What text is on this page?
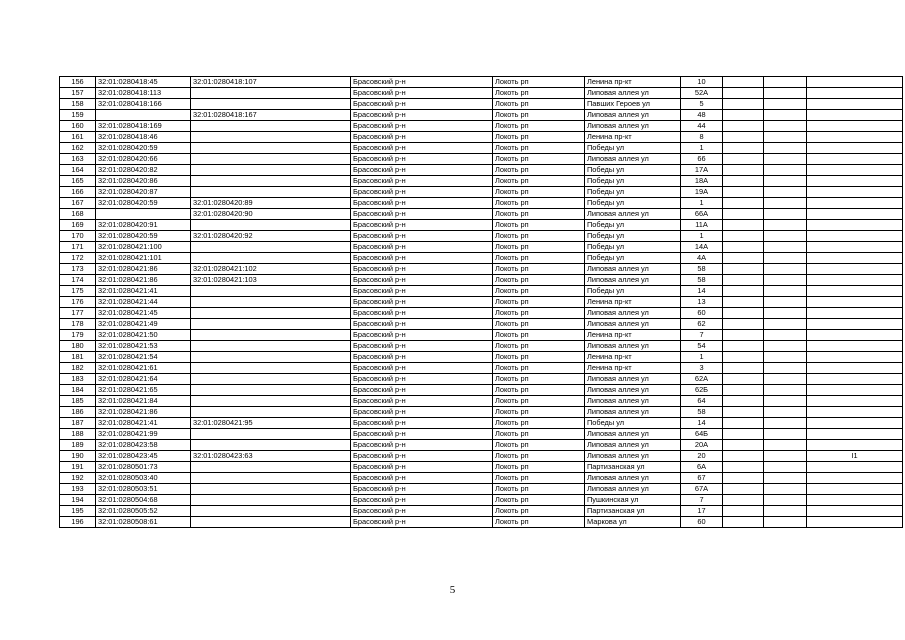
156	32:01:0280418:45	32:01:0280418:107	Брасовский р-н	Локоть рп	Ленина пр-кт	10			
157	32:01:0280418:113		Брасовский р-н	Локоть рп	Липовая аллея ул	52А			
158	32:01:0280418:166		Брасовский р-н	Локоть рп	Павших Героев ул	5			
159		32:01:0280418:167	Брасовский р-н	Локоть рп	Липовая аллея ул	48			
160	32:01:0280418:169		Брасовский р-н	Локоть рп	Липовая аллея ул	44			
161	32:01:0280418:46		Брасовский р-н	Локоть рп	Ленина пр-кт	8			
162	32:01:0280420:59		Брасовский р-н	Локоть рп	Победы ул	1			
163	32:01:0280420:66		Брасовский р-н	Локоть рп	Липовая аллея ул	66			
164	32:01:0280420:82		Брасовский р-н	Локоть рп	Победы ул	17А			
165	32:01:0280420:86		Брасовский р-н	Локоть рп	Победы ул	18А			
166	32:01:0280420:87		Брасовский р-н	Локоть рп	Победы ул	19А			
167	32:01:0280420:59	32:01:0280420:89	Брасовский р-н	Локоть рп	Победы ул	1			
168		32:01:0280420:90	Брасовский р-н	Локоть рп	Липовая аллея ул	66А			
169	32:01:0280420:91		Брасовский р-н	Локоть рп	Победы ул	11А			
170	32:01:0280420:59	32:01:0280420:92	Брасовский р-н	Локоть рп	Победы ул	1			
171	32:01:0280421:100		Брасовский р-н	Локоть рп	Победы ул	14А			
172	32:01:0280421:101		Брасовский р-н	Локоть рп	Победы ул	4А			
173	32:01:0280421:86	32:01:0280421:102	Брасовский р-н	Локоть рп	Липовая аллея ул	58			
174	32:01:0280421:86	32:01:0280421:103	Брасовский р-н	Локоть рп	Липовая аллея ул	58			
175	32:01:0280421:41		Брасовский р-н	Локоть рп	Победы ул	14			
176	32:01:0280421:44		Брасовский р-н	Локоть рп	Ленина пр-кт	13			
177	32:01:0280421:45		Брасовский р-н	Локоть рп	Липовая аллея ул	60			
178	32:01:0280421:49		Брасовский р-н	Локоть рп	Липовая аллея ул	62			
179	32:01:0280421:50		Брасовский р-н	Локоть рп	Ленина пр-кт	7			
180	32:01:0280421:53		Брасовский р-н	Локоть рп	Липовая аллея ул	54			
181	32:01:0280421:54		Брасовский р-н	Локоть рп	Ленина пр-кт	1			
182	32:01:0280421:61		Брасовский р-н	Локоть рп	Ленина пр-кт	3			
183	32:01:0280421:64		Брасовский р-н	Локоть рп	Липовая аллея ул	62А			
184	32:01:0280421:65		Брасовский р-н	Локоть рп	Липовая аллея ул	62Б			
185	32:01:0280421:84		Брасовский р-н	Локоть рп	Липовая аллея ул	64			
186	32:01:0280421:86		Брасовский р-н	Локоть рп	Липовая аллея ул	58			
187	32:01:0280421:41	32:01:0280421:95	Брасовский р-н	Локоть рп	Победы ул	14			
188	32:01:0280421:99		Брасовский р-н	Локоть рп	Липовая аллея ул	64Б			
189	32:01:0280423:58		Брасовский р-н	Локоть рп	Липовая аллея ул	20А			
190	32:01:0280423:45	32:01:0280423:63	Брасовский р-н	Локоть рп	Липовая аллея ул	20			I1
191	32:01:0280501:73		Брасовский р-н	Локоть рп	Партизанская ул	6А			
192	32:01:0280503:40		Брасовский р-н	Локоть рп	Липовая аллея ул	67			
193	32:01:0280503:51		Брасовский р-н	Локоть рп	Липовая аллея ул	67А			
194	32:01:0280504:68		Брасовский р-н	Локоть рп	Пушкинская ул	7			
195	32:01:0280505:52		Брасовский р-н	Локоть рп	Партизанская ул	17			
196	32:01:0280508:61		Брасовский р-н	Локоть рп	Маркова ул	60			
5
